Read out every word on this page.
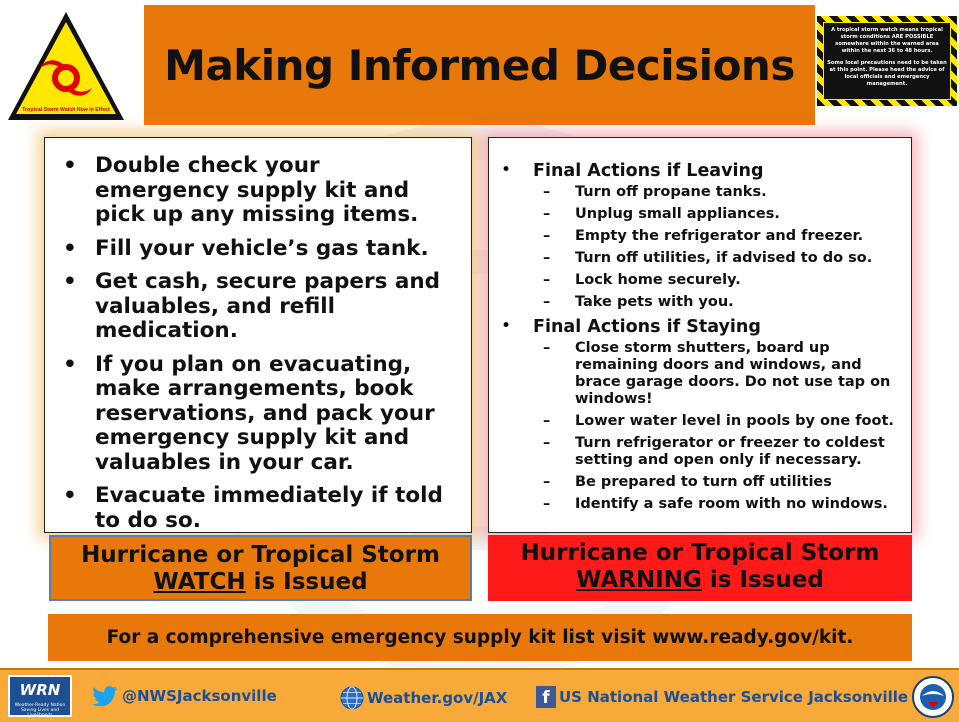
Tropical Storm Watch Now in Effect
Making Informed Decisions

A tropical storm watch means tropical storm conditions ARE POSSIBLE somewhere within the warned area within the next 36 to 48 hours.

Some local precautions need to be taken at this point. Please heed the advice of local officials and emergency management.

• Double check your emergency supply kit and pick up any missing items.
• Fill your vehicle’s gas tank.
• Get cash, secure papers and valuables, and refill medication.
• If you plan on evacuating, make arrangements, book reservations, and pack your emergency supply kit and valuables in your car.
• Evacuate immediately if told to do so.
• Final Actions if Leaving
– Turn off propane tanks.
– Unplug small appliances.
– Empty the refrigerator and freezer.
– Turn off utilities, if advised to do so.
– Lock home securely.
– Take pets with you.
• Final Actions if Staying
– Close storm shutters, board up remaining doors and windows, and brace garage doors. Do not use tap on windows!
– Lower water level in pools by one foot.
– Turn refrigerator or freezer to coldest setting and open only if necessary.
– Be prepared to turn off utilities
– Identify a safe room with no windows.
Hurricane or Tropical Storm
WATCH is Issued
Hurricane or Tropical Storm
WARNING is Issued
For a comprehensive emergency supply kit list visit www.ready.gov/kit.
WRN
Weather-Ready Nation Saving Lives and Livelihoods
@NWSJacksonville	Weather.gov/JAX	f US National Weather Service Jacksonville
